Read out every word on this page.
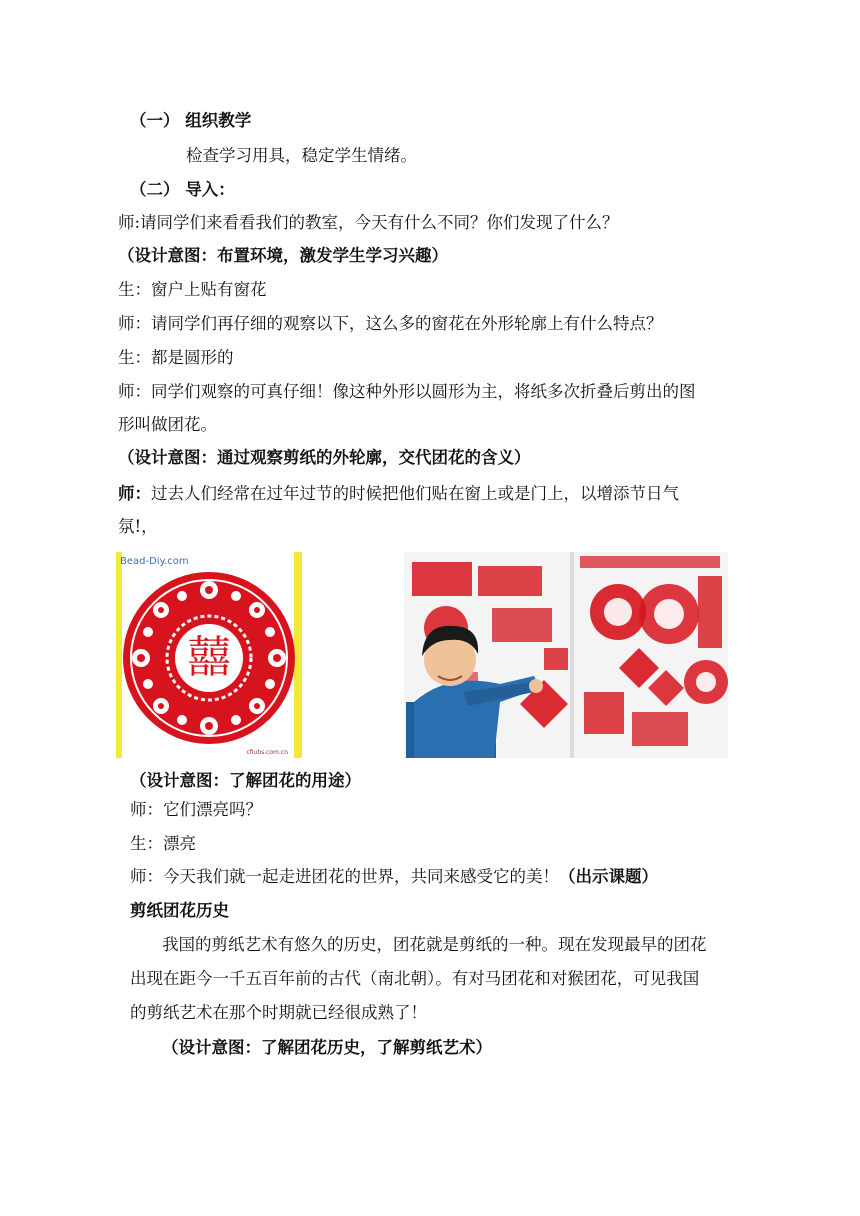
（一） 组织教学
检查学习用具，稳定学生情绪。
（二） 导入：
师:请同学们来看看我们的教室，今天有什么不同？你们发现了什么？
（设计意图：布置环境，激发学生学习兴趣）
生：窗户上贴有窗花
师：请同学们再仔细的观察以下，这么多的窗花在外形轮廓上有什么特点？
生：都是圆形的
师：同学们观察的可真仔细！像这种外形以圆形为主，将纸多次折叠后剪出的图
形叫做团花。
（设计意图：通过观察剪纸的外轮廓，交代团花的含义）
师：过去人们经常在过年过节的时候把他们贴在窗上或是门上，以增添节日气
氛!，
Bead-Diy.com
cfiubs.com.cn
囍
（设计意图：了解团花的用途）
师：它们漂亮吗？
生：漂亮
师：今天我们就一起走进团花的世界，共同来感受它的美！（出示课题）
剪纸团花历史
我国的剪纸艺术有悠久的历史，团花就是剪纸的一种。现在发现最早的团花
出现在距今一千五百年前的古代（南北朝）。有对马团花和对猴团花，可见我国
的剪纸艺术在那个时期就已经很成熟了！
（设计意图：了解团花历史，了解剪纸艺术）
